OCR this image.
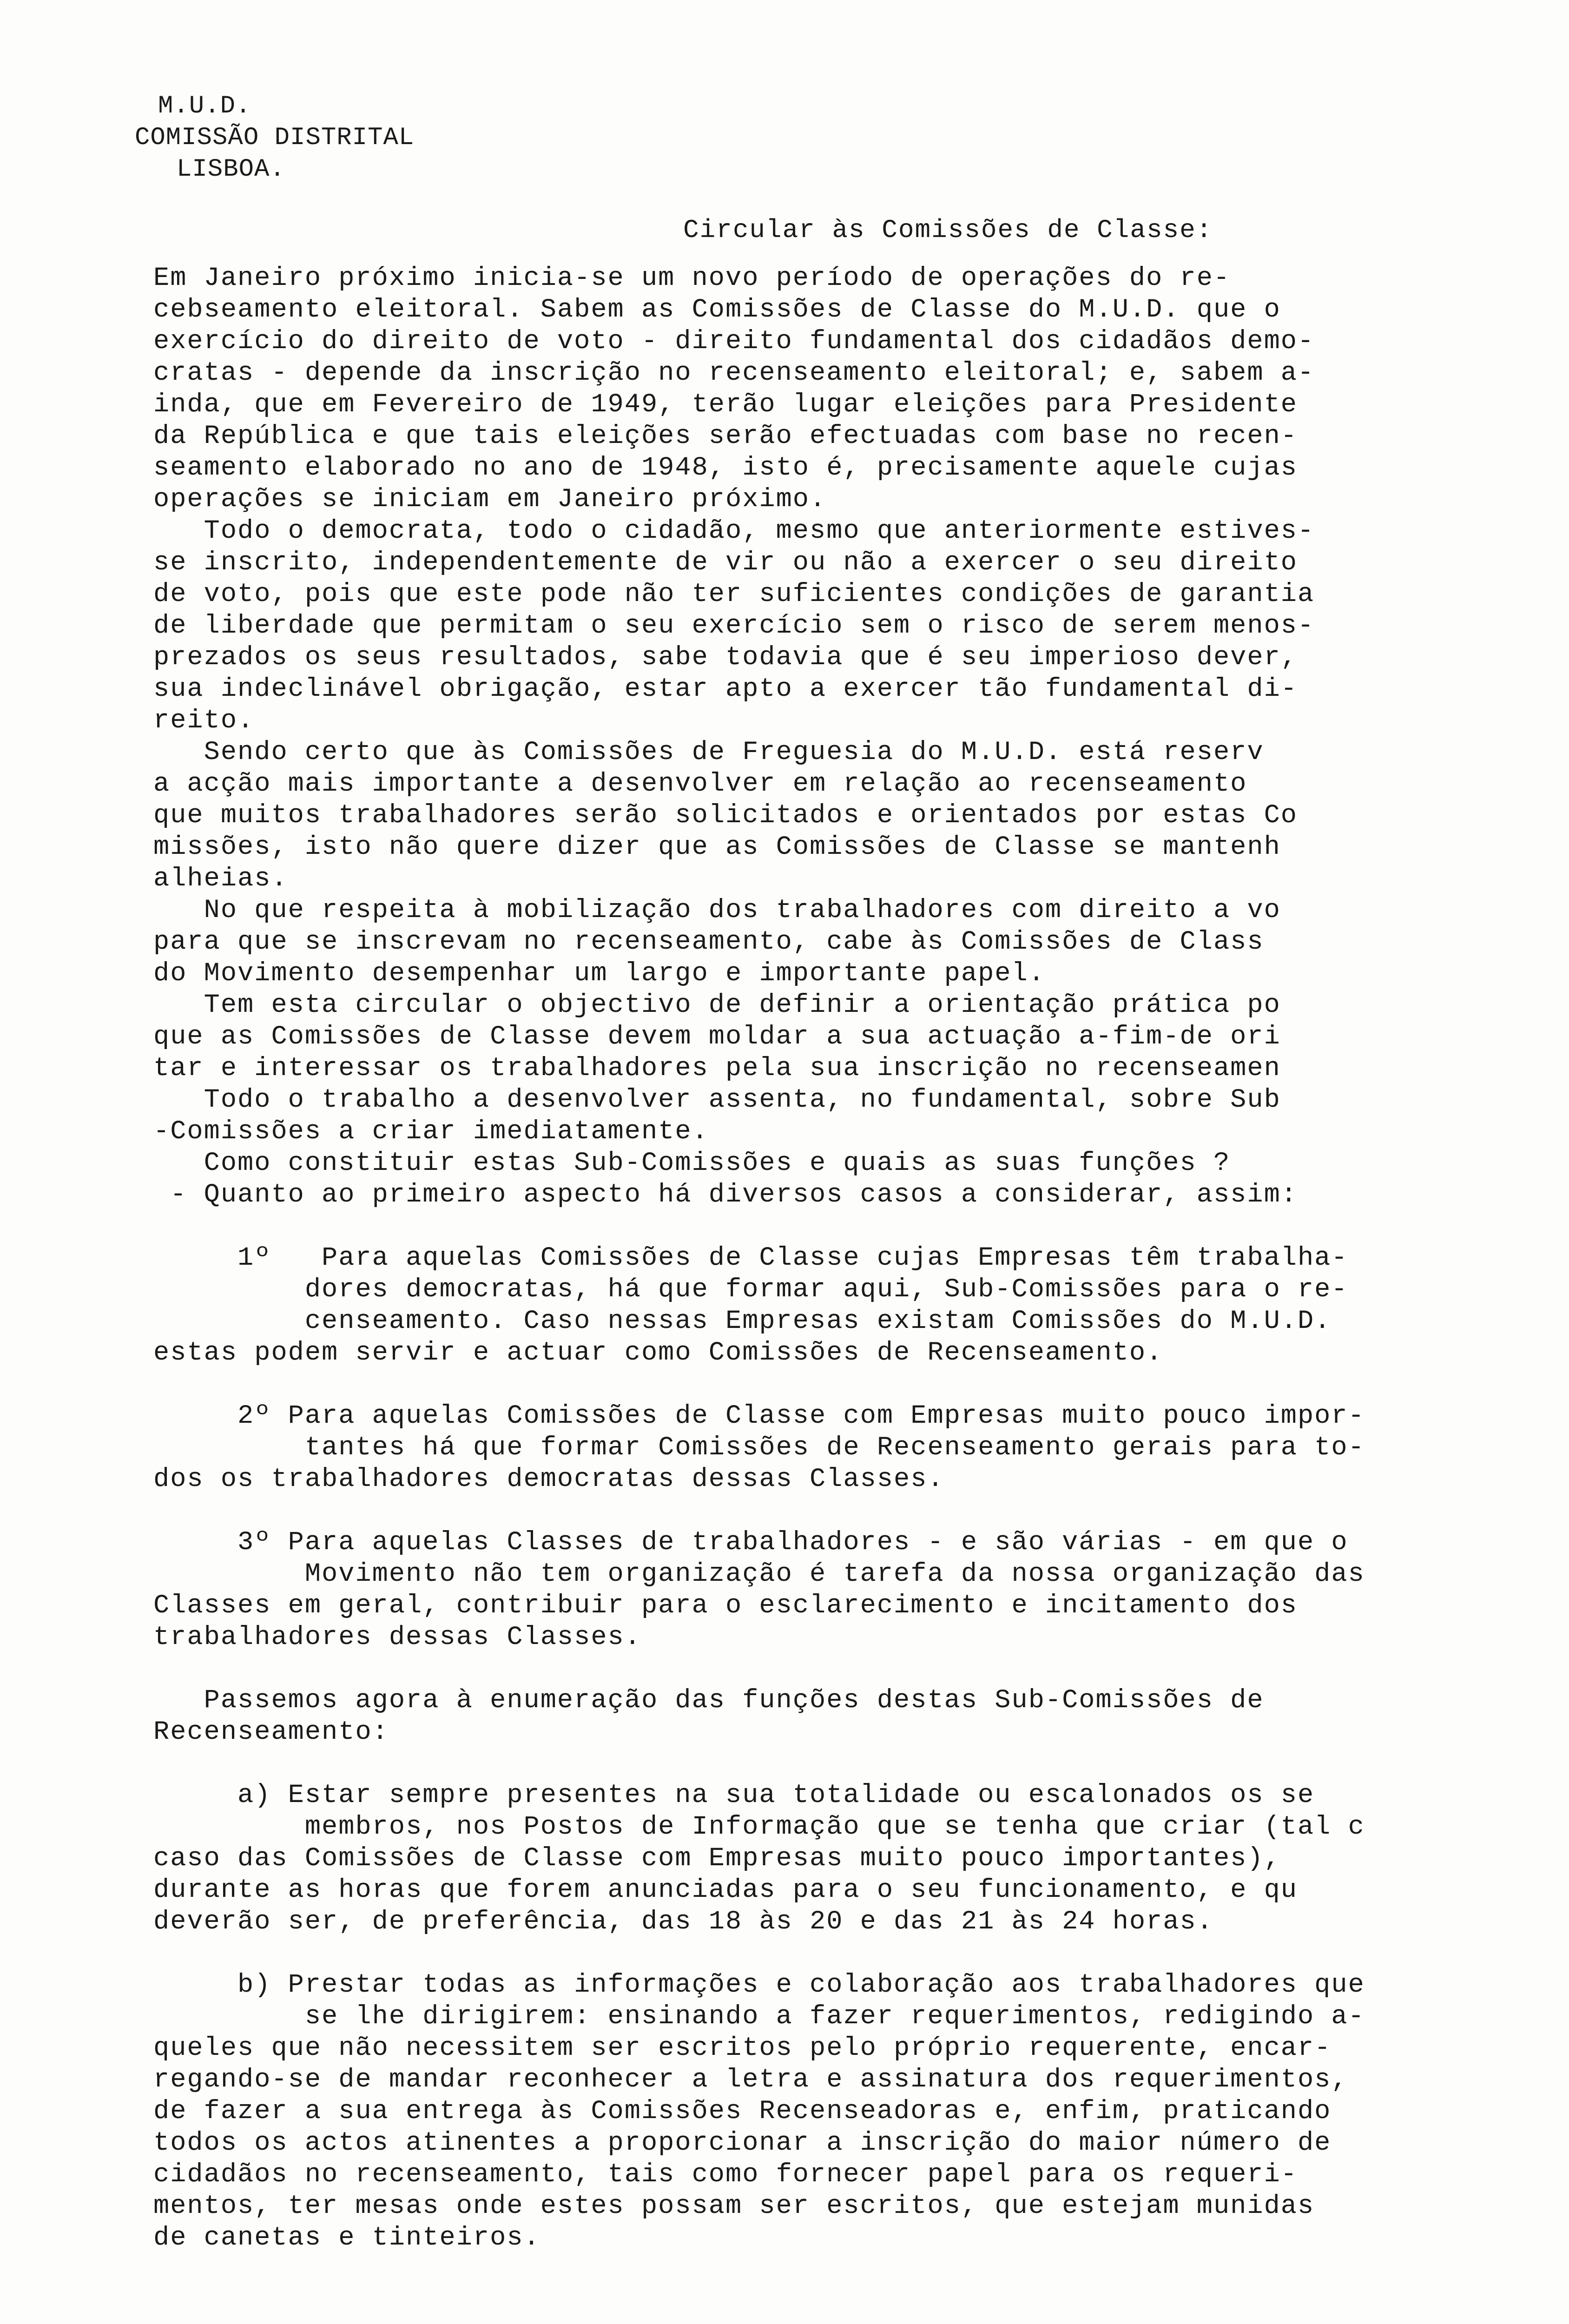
M.U.D.
COMISSÃO DISTRITAL
LISBOA.
Circular às Comissões de Classe:
Em Janeiro próximo inicia-se um novo período de operações do re-
cebseamento eleitoral. Sabem as Comissões de Classe do M.U.D. que o
exercício do direito de voto - direito fundamental dos cidadãos demo-
cratas - depende da inscrição no recenseamento eleitoral; e, sabem a-
inda, que em Fevereiro de 1949, terão lugar eleições para Presidente
da República e que tais eleições serão efectuadas com base no recen-
seamento elaborado no ano de 1948, isto é, precisamente aquele cujas
operações se iniciam em Janeiro próximo.
Todo o democrata, todo o cidadão, mesmo que anteriormente estives-
se inscrito, independentemente de vir ou não a exercer o seu direito
de voto, pois que este pode não ter suficientes condições de garantia
de liberdade que permitam o seu exercício sem o risco de serem menos-
prezados os seus resultados, sabe todavia que é seu imperioso dever,
sua indeclinável obrigação, estar apto a exercer tão fundamental di-
reito.
Sendo certo que às Comissões de Freguesia do M.U.D. está reserv
a acção mais importante a desenvolver em relação ao recenseamento
que muitos trabalhadores serão solicitados e orientados por estas Co
missões, isto não quere dizer que as Comissões de Classe se mantenh
alheias.
No que respeita à mobilização dos trabalhadores com direito a vo
para que se inscrevam no recenseamento, cabe às Comissões de Class
do Movimento desempenhar um largo e importante papel.
Tem esta circular o objectivo de definir a orientação prática po
que as Comissões de Classe devem moldar a sua actuação a-fim-de ori
tar e interessar os trabalhadores pela sua inscrição no recenseamen
Todo o trabalho a desenvolver assenta, no fundamental, sobre Sub
-Comissões a criar imediatamente.
Como constituir estas Sub-Comissões e quais as suas funções ?
- Quanto ao primeiro aspecto há diversos casos a considerar, assim:
1º   Para aquelas Comissões de Classe cujas Empresas têm trabalha-
dores democratas, há que formar aqui, Sub-Comissões para o re-
censeamento. Caso nessas Empresas existam Comissões do M.U.D.
estas podem servir e actuar como Comissões de Recenseamento.
2º Para aquelas Comissões de Classe com Empresas muito pouco impor-
tantes há que formar Comissões de Recenseamento gerais para to-
dos os trabalhadores democratas dessas Classes.
3º Para aquelas Classes de trabalhadores - e são várias - em que o
Movimento não tem organização é tarefa da nossa organização das
Classes em geral, contribuir para o esclarecimento e incitamento dos
trabalhadores dessas Classes.
Passemos agora à enumeração das funções destas Sub-Comissões de
Recenseamento:
a) Estar sempre presentes na sua totalidade ou escalonados os se
membros, nos Postos de Informação que se tenha que criar (tal c
caso das Comissões de Classe com Empresas muito pouco importantes),
durante as horas que forem anunciadas para o seu funcionamento, e qu
deverão ser, de preferência, das 18 às 20 e das 21 às 24 horas.
b) Prestar todas as informações e colaboração aos trabalhadores que
se lhe dirigirem: ensinando a fazer requerimentos, redigindo a-
queles que não necessitem ser escritos pelo próprio requerente, encar-
regando-se de mandar reconhecer a letra e assinatura dos requerimentos,
de fazer a sua entrega às Comissões Recenseadoras e, enfim, praticando
todos os actos atinentes a proporcionar a inscrição do maior número de
cidadãos no recenseamento, tais como fornecer papel para os requeri-
mentos, ter mesas onde estes possam ser escritos, que estejam munidas
de canetas e tinteiros.
